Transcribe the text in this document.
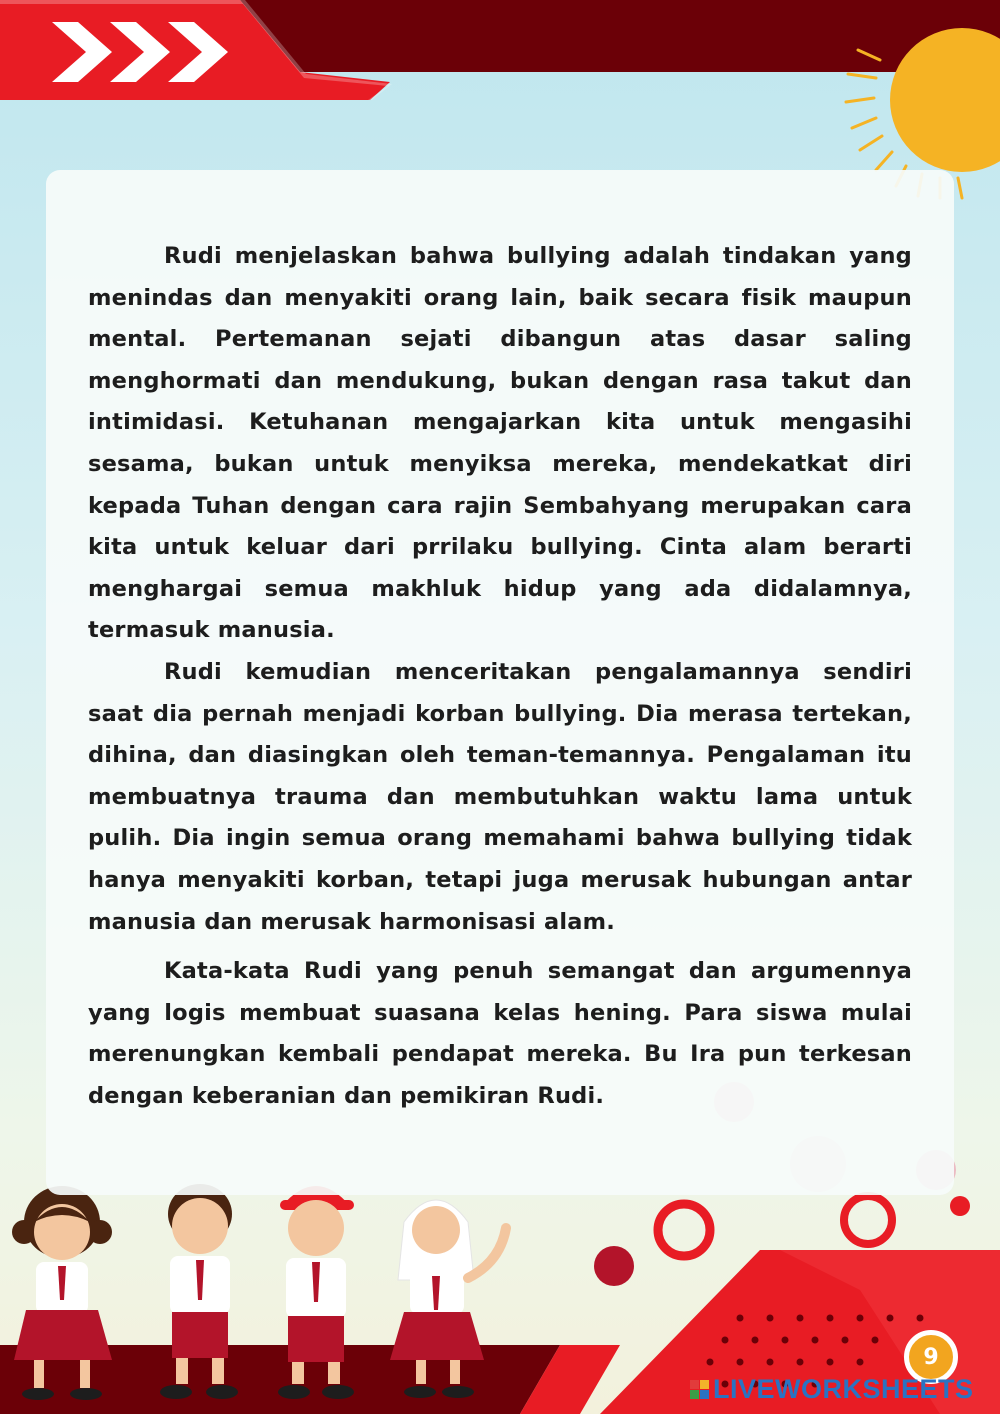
Rudi menjelaskan bahwa bullying adalah tindakan yang menindas dan menyakiti orang lain, baik secara fisik maupun mental. Pertemanan sejati dibangun atas dasar saling menghormati dan mendukung, bukan dengan rasa takut dan intimidasi. Ketuhanan mengajarkan kita untuk mengasihi sesama, bukan untuk menyiksa mereka, mendekatkat diri kepada Tuhan dengan cara rajin Sembahyang merupakan cara kita untuk keluar dari prrilaku bullying. Cinta alam berarti menghargai semua makhluk hidup yang ada didalamnya, termasuk manusia.

Rudi kemudian menceritakan pengalamannya sendiri saat dia pernah menjadi korban bullying. Dia merasa tertekan, dihina, dan diasingkan oleh teman-temannya. Pengalaman itu membuatnya trauma dan membutuhkan waktu lama untuk pulih. Dia ingin semua orang memahami bahwa bullying tidak hanya menyakiti korban, tetapi juga merusak hubungan antar manusia dan merusak harmonisasi alam.

Kata-kata Rudi yang penuh semangat dan argumennya yang logis membuat suasana kelas hening. Para siswa mulai merenungkan kembali pendapat mereka. Bu Ira pun terkesan dengan keberanian dan pemikiran Rudi.

9
LIVEWORKSHEETS
